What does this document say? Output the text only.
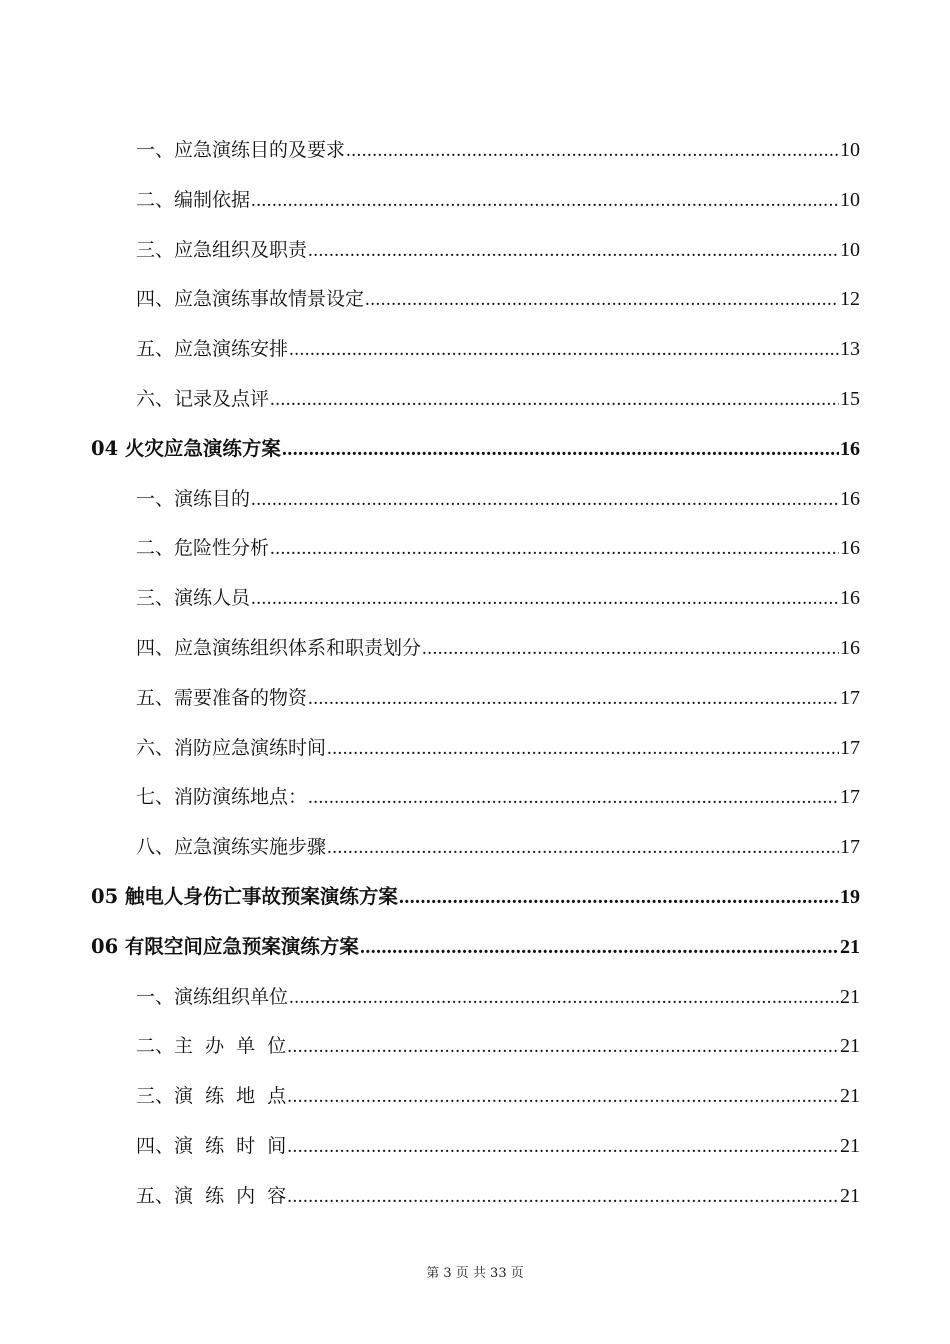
一、应急演练目的及要求 .....	10
二、编制依据 .....	10
三、应急组织及职责 .....	10
四、应急演练事故情景设定 .....	12
五、应急演练安排 .....	13
六、记录及点评 .....	15
04 火灾应急演练方案 .....	16
一、演练目的 .....	16
二、危险性分析 .....	16
三、演练人员 .....	16
四、应急演练组织体系和职责划分 .....	16
五、需要准备的物资 .....	17
六、消防应急演练时间 .....	17
七、消防演练地点： .....	17
八、应急演练实施步骤 .....	17
05 触电人身伤亡事故预案演练方案 .....	19
06 有限空间应急预案演练方案 .....	21
一、演练组织单位 .....	21
二、主  办  单  位 .....	21
三、演  练  地  点 .....	21
四、演  练  时  间 .....	21
五、演  练  内  容 .....	21
第 3 页 共 33 页
